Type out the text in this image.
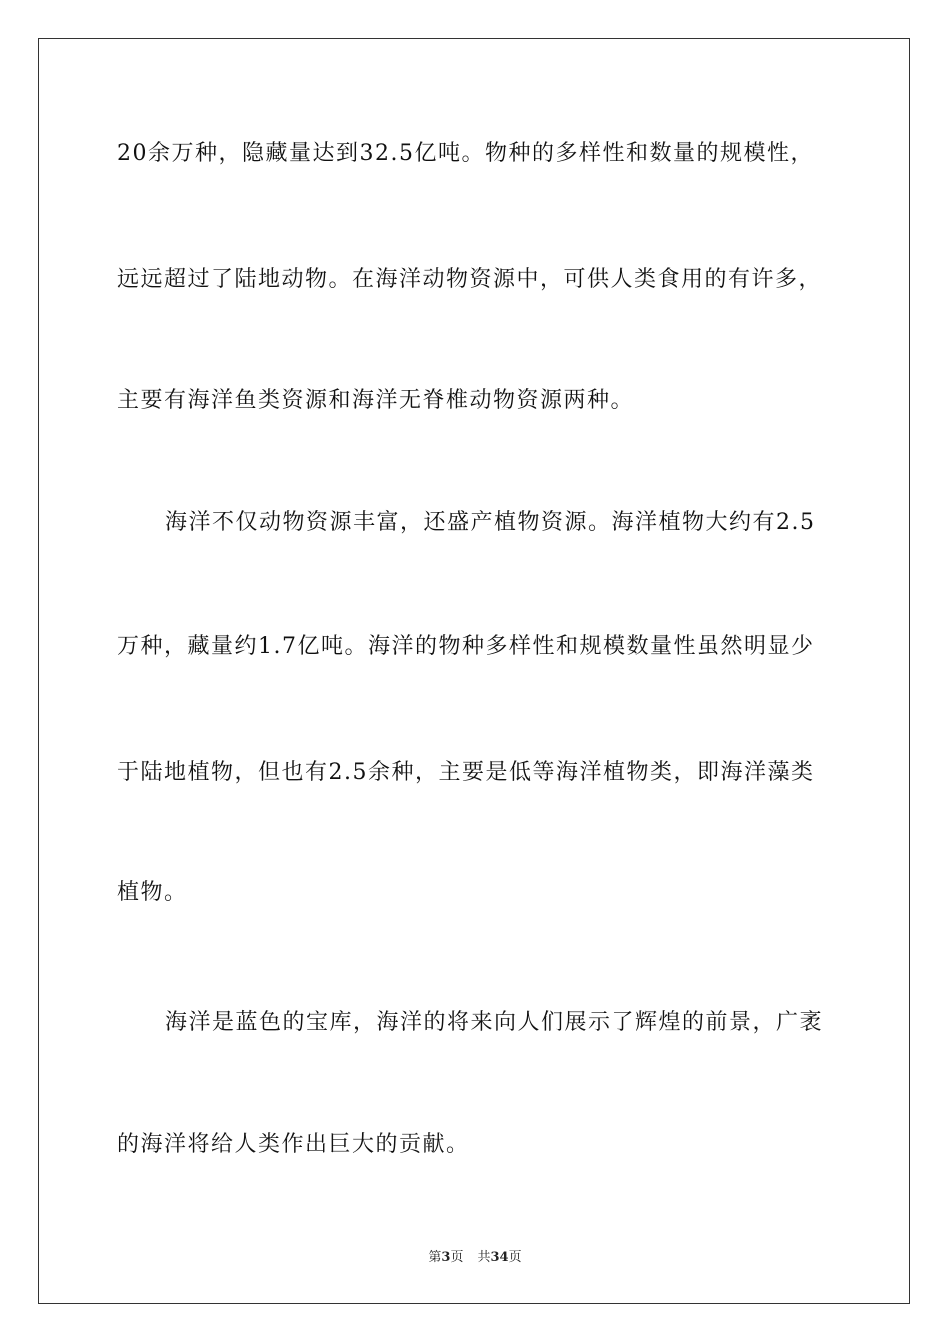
20余万种，隐藏量达到32.5亿吨。物种的多样性和数量的规模性，
远远超过了陆地动物。在海洋动物资源中，可供人类食用的有许多，
主要有海洋鱼类资源和海洋无脊椎动物资源两种。
海洋不仅动物资源丰富，还盛产植物资源。海洋植物大约有2.5
万种，藏量约1.7亿吨。海洋的物种多样性和规模数量性虽然明显少
于陆地植物，但也有2.5余种，主要是低等海洋植物类，即海洋藻类
植物。
海洋是蓝色的宝库，海洋的将来向人们展示了辉煌的前景，广袤
的海洋将给人类作出巨大的贡献。
第3页 共34页
